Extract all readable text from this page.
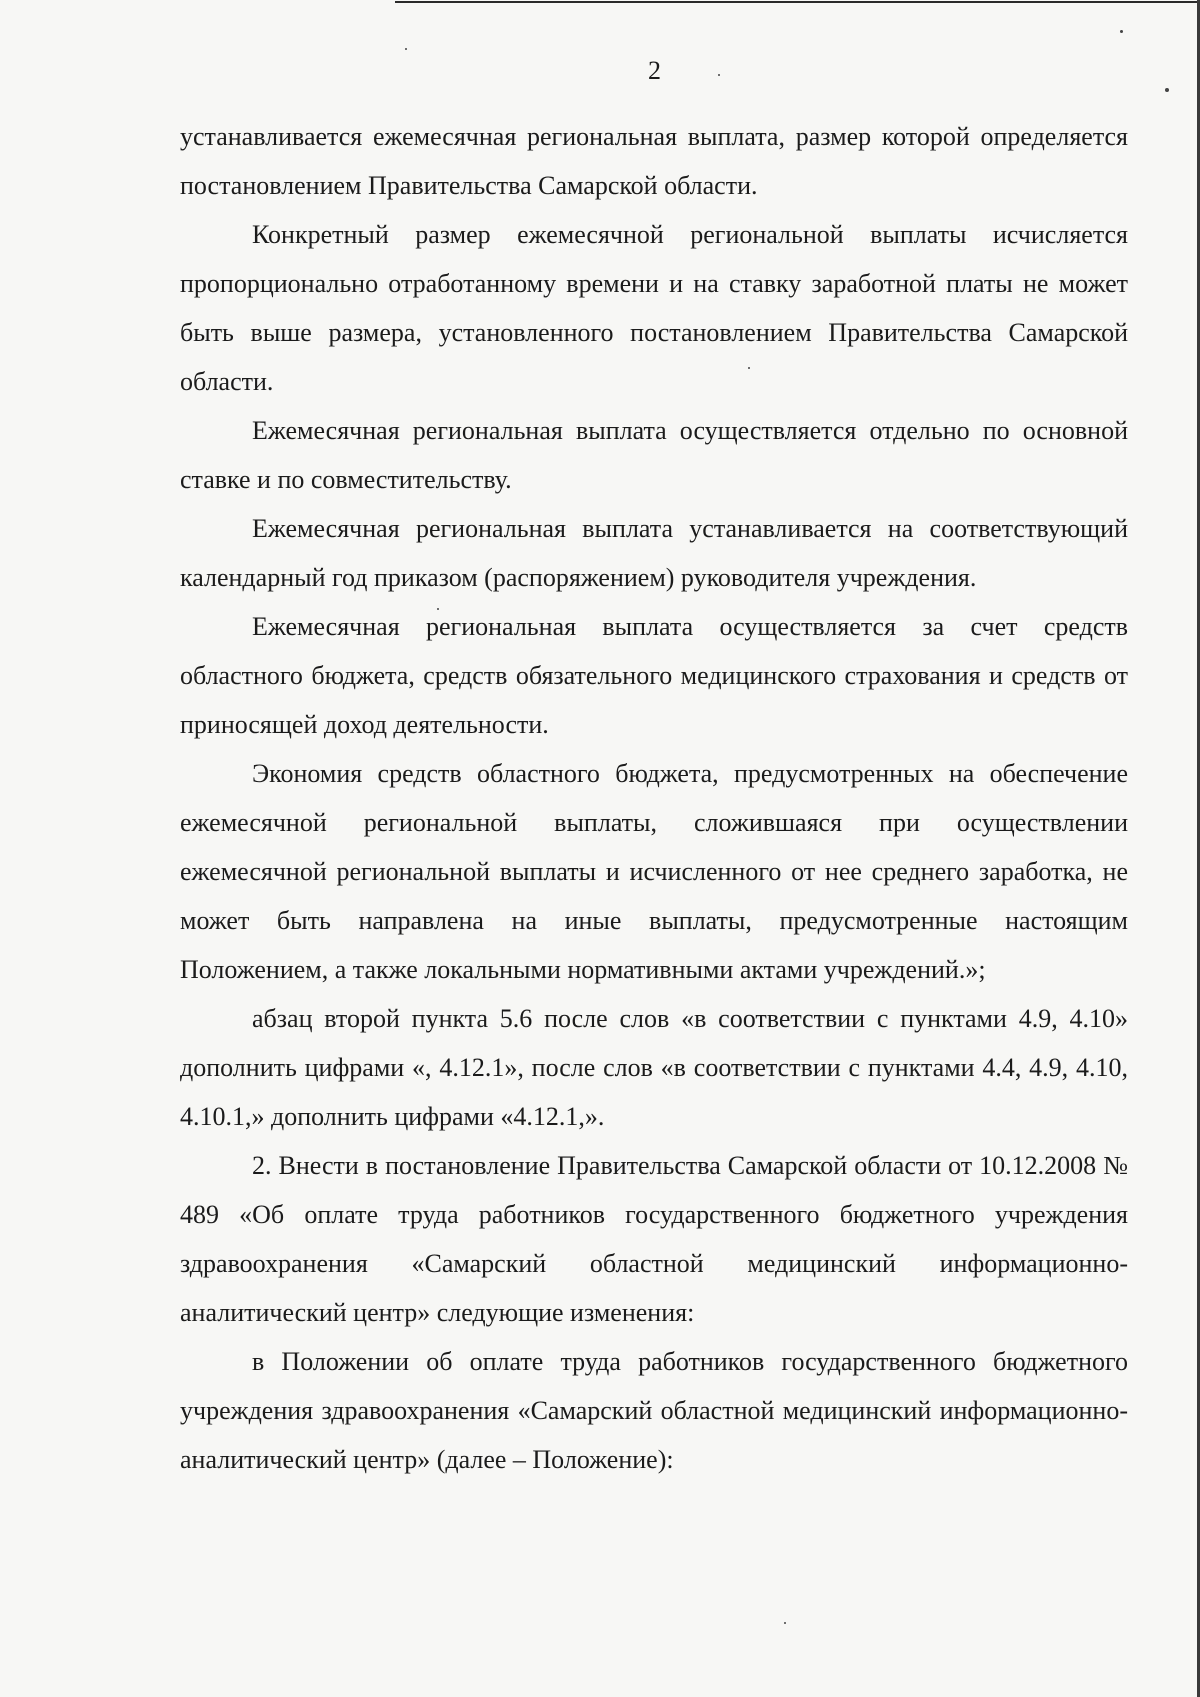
2

устанавливается ежемесячная региональная выплата, размер которой определяется постановлением Правительства Самарской области.

Конкретный размер ежемесячной региональной выплаты исчисляется пропорционально отработанному времени и на ставку заработной платы не может быть выше размера, установленного постановлением Правительства Самарской области.

Ежемесячная региональная выплата осуществляется отдельно по основной ставке и по совместительству.

Ежемесячная региональная выплата устанавливается на соответствующий календарный год приказом (распоряжением) руководителя учреждения.

Ежемесячная региональная выплата осуществляется за счет средств областного бюджета, средств обязательного медицинского страхования и средств от приносящей доход деятельности.

Экономия средств областного бюджета, предусмотренных на обеспечение ежемесячной региональной выплаты, сложившаяся при осуществлении ежемесячной региональной выплаты и исчисленного от нее среднего заработка, не может быть направлена на иные выплаты, предусмотренные настоящим Положением, а также локальными нормативными актами учреждений.»;

абзац второй пункта 5.6 после слов «в соответствии с пунктами 4.9, 4.10» дополнить цифрами «, 4.12.1», после слов «в соответствии с пунктами 4.4, 4.9, 4.10, 4.10.1,» дополнить цифрами «4.12.1,».

2. Внести в постановление Правительства Самарской области от 10.12.2008 № 489 «Об оплате труда работников государственного бюджетного учреждения здравоохранения «Самарский областной медицинский информационно-аналитический центр» следующие изменения:

в Положении об оплате труда работников государственного бюджетного учреждения здравоохранения «Самарский областной медицинский информационно-аналитический центр» (далее – Положение):
